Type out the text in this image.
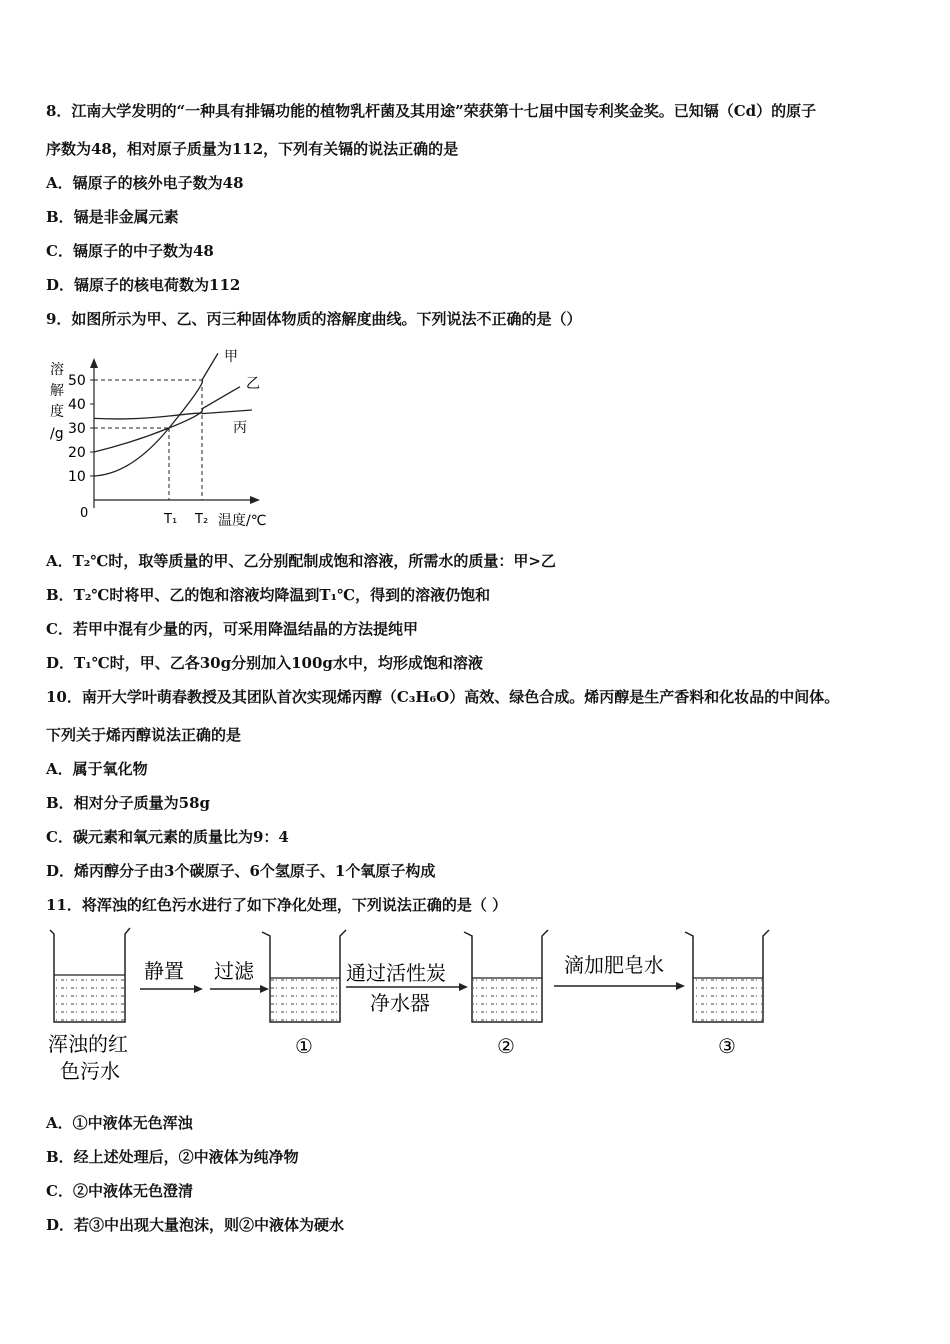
8．江南大学发明的“一种具有排镉功能的植物乳杆菌及其用途”荣获第十七届中国专利奖金奖。已知镉（Cd）的原子
序数为48，相对原子质量为112，下列有关镉的说法正确的是
A．镉原子的核外电子数为48
B．镉是非金属元素
C．镉原子的中子数为48
D．镉原子的核电荷数为112
9．如图所示为甲、乙、丙三种固体物质的溶解度曲线。下列说法不正确的是（）
溶
解
度
/g
10
20
30
40
50
0	T₁ T₂ 温度/℃
甲
乙
丙
A．T₂℃时，取等质量的甲、乙分别配制成饱和溶液，所需水的质量：甲>乙
B．T₂℃时将甲、乙的饱和溶液均降温到T₁℃，得到的溶液仍饱和
C．若甲中混有少量的丙，可采用降温结晶的方法提纯甲
D．T₁℃时，甲、乙各30g分别加入100g水中，均形成饱和溶液
10．南开大学叶萌春教授及其团队首次实现烯丙醇（C₃H₆O）高效、绿色合成。烯丙醇是生产香料和化妆品的中间体。
下列关于烯丙醇说法正确的是
A．属于氧化物
B．相对分子质量为58g
C．碳元素和氧元素的质量比为9：4
D．烯丙醇分子由3个碳原子、6个氢原子、1个氧原子构成
11．将浑浊的红色污水进行了如下净化处理，下列说法正确的是（ ）
浑浊的红
色污水
静置 过滤
①
通过活性炭
净水器
②
滴加肥皂水
③
A．①中液体无色浑浊
B．经上述处理后，②中液体为纯净物
C．②中液体无色澄清
D．若③中出现大量泡沫，则②中液体为硬水
